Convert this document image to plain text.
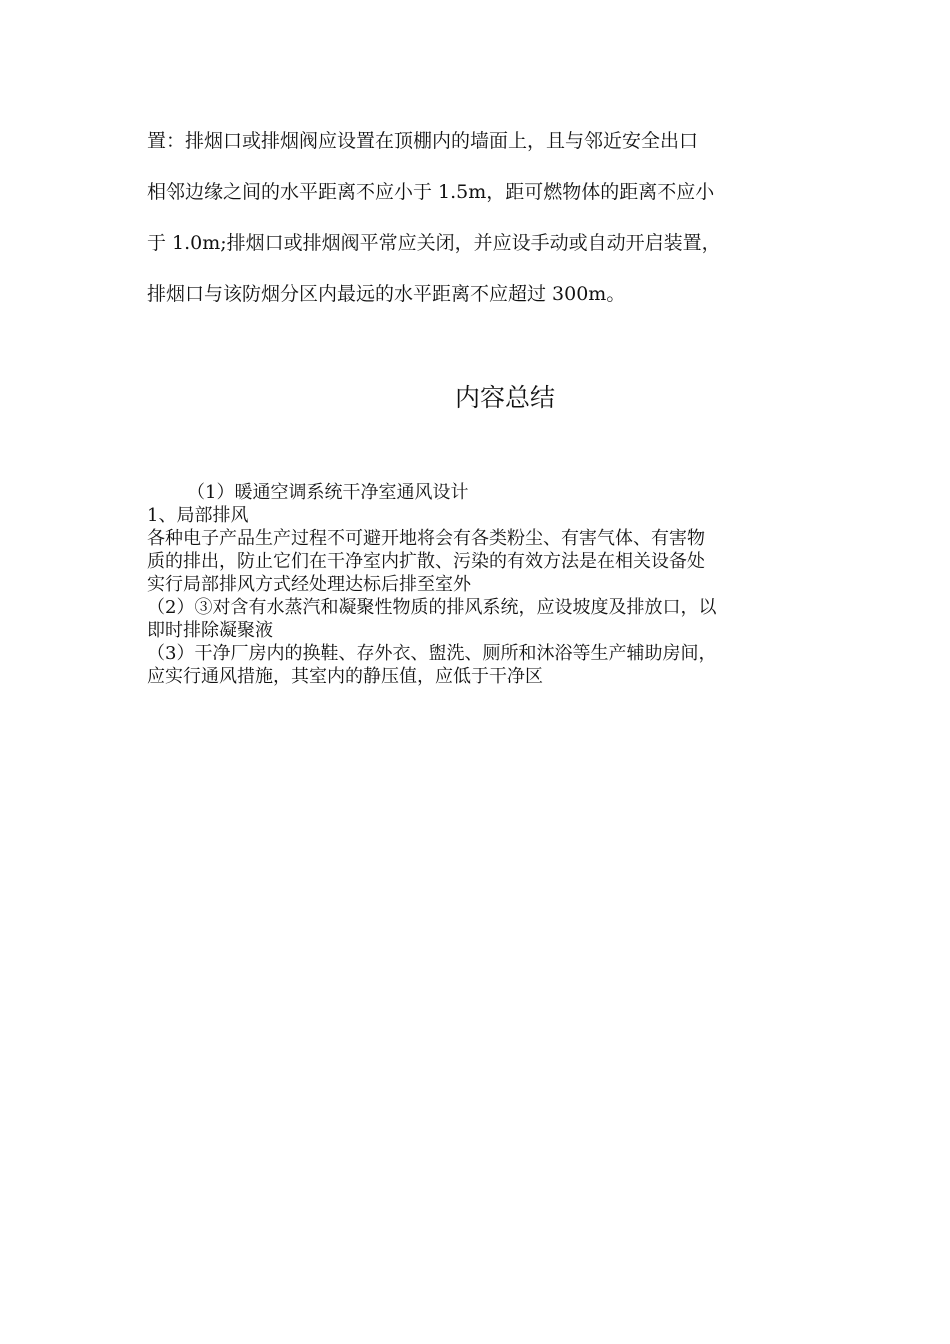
置：排烟口或排烟阀应设置在顶棚内的墙面上，且与邻近安全出口
相邻边缘之间的水平距离不应小于 1.5m，距可燃物体的距离不应小
于 1.0m;排烟口或排烟阀平常应关闭，并应设手动或自动开启装置，
排烟口与该防烟分区内最远的水平距离不应超过 300m。
内容总结

（1）暖通空调系统干净室通风设计

1、局部排风

各种电子产品生产过程不可避开地将会有各类粉尘、有害气体、有害物
质的排出，防止它们在干净室内扩散、污染的有效方法是在相关设备处
实行局部排风方式经处理达标后排至室外
（2）③对含有水蒸汽和凝聚性物质的排风系统，应设坡度及排放口，以
即时排除凝聚液
（3）干净厂房内的换鞋、存外衣、盥洗、厕所和沐浴等生产辅助房间，
应实行通风措施，其室内的静压值，应低于干净区
